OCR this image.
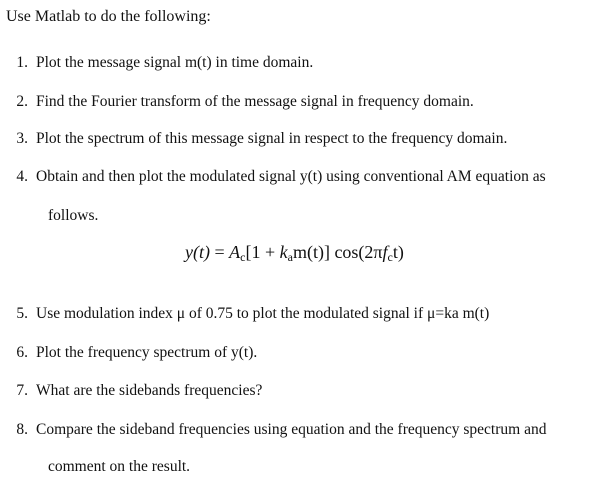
Use Matlab to do the following:
1. Plot the message signal m(t) in time domain.
2. Find the Fourier transform of the message signal in frequency domain.
3. Plot the spectrum of this message signal in respect to the frequency domain.
4. Obtain and then plot the modulated signal y(t) using conventional AM equation as
follows.
$y(t) = A_c[1 + k_am(t)]$ $\cos(2\pi f_ct)$
5. Use modulation index μ of 0.75 to plot the modulated signal if μ=ka m(t)
6. Plot the frequency spectrum of y(t).
7. What are the sidebands frequencies?
8. Compare the sideband frequencies using equation and the frequency spectrum and
comment on the result.
